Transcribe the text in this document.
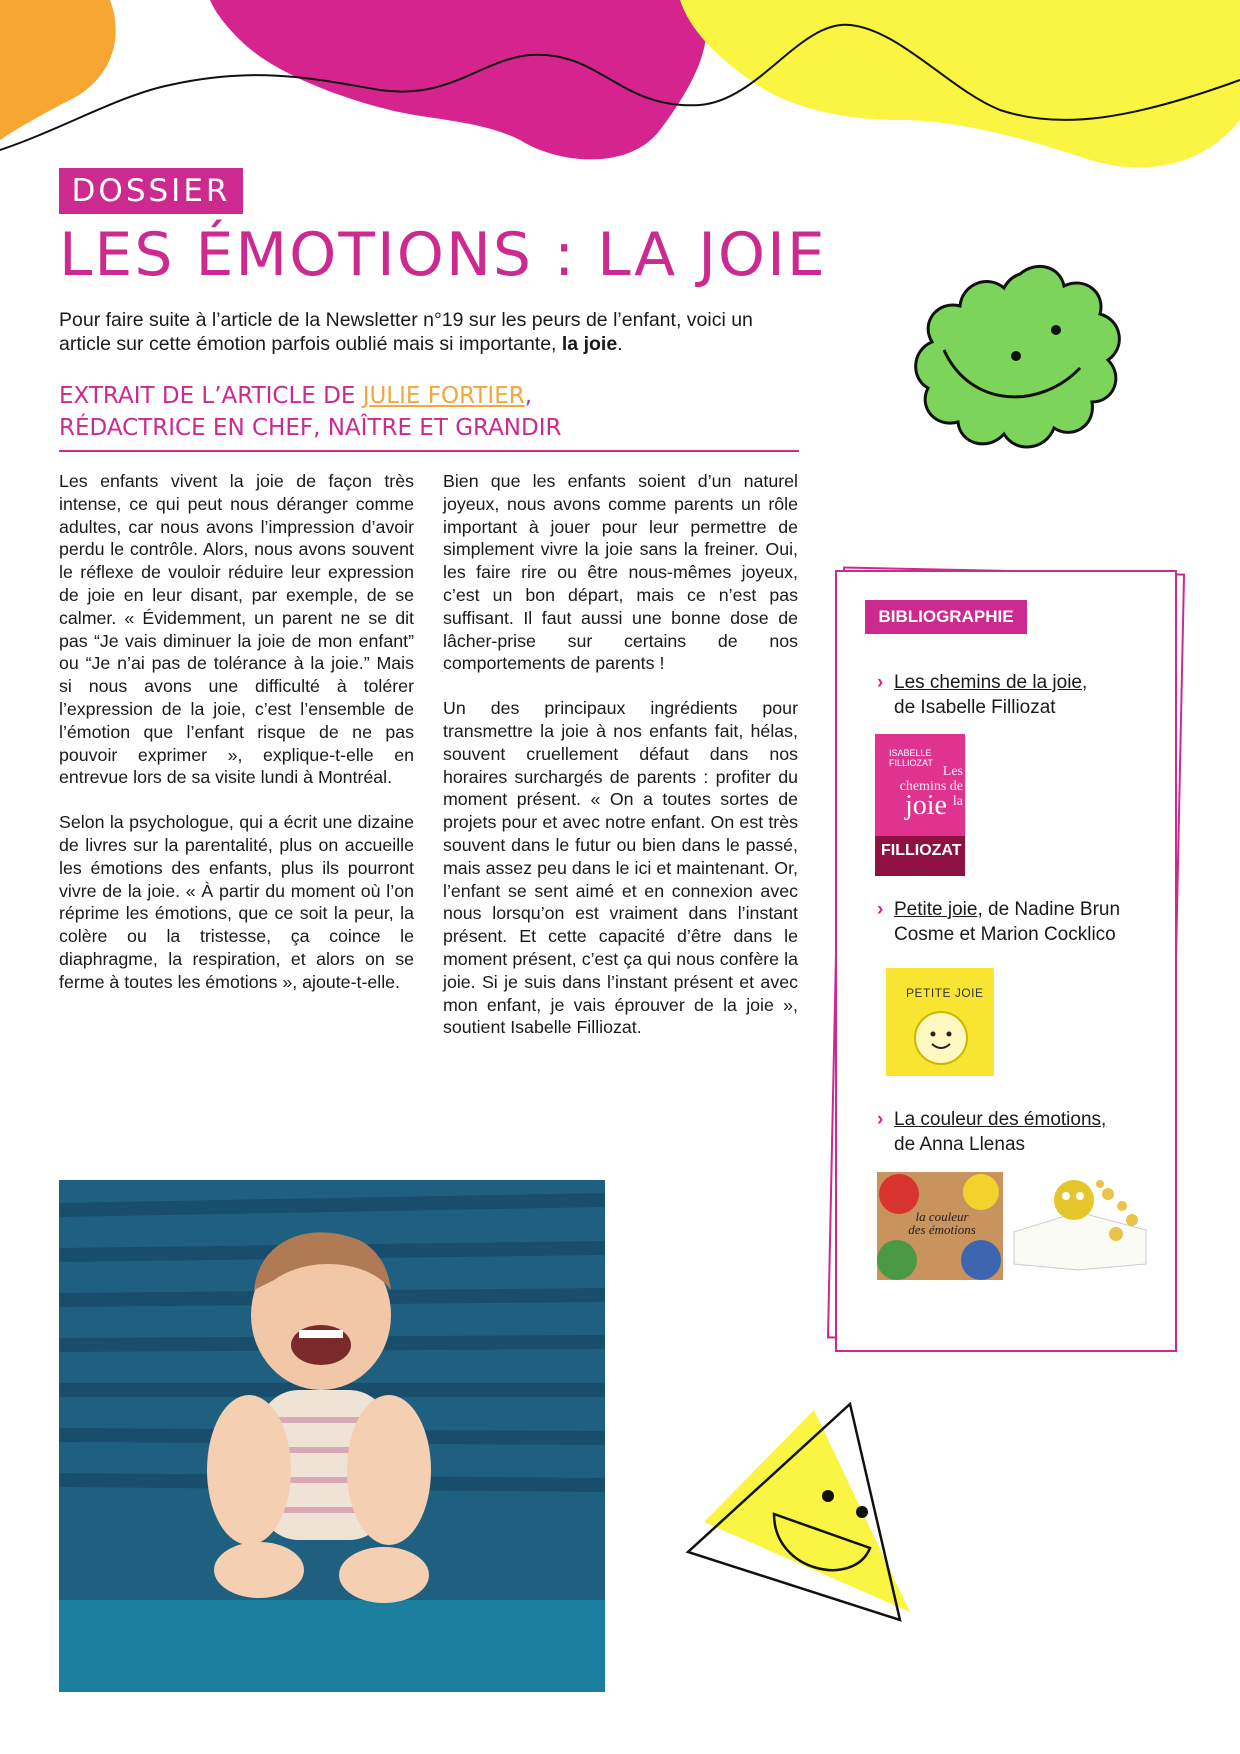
DOSSIER
LES ÉMOTIONS : LA JOIE

Pour faire suite à l’article de la Newsletter n°19 sur les peurs de l’enfant, voici un article sur cette émotion parfois oublié mais si importante, la joie.

EXTRAIT DE L’ARTICLE DE JULIE FORTIER,
RÉDACTRICE EN CHEF, NAÎTRE ET GRANDIR

Les enfants vivent la joie de façon très intense, ce qui peut nous déranger comme adultes, car nous avons l’impression d’avoir perdu le contrôle. Alors, nous avons souvent le réflexe de vouloir réduire leur expression de joie en leur disant, par exemple, de se calmer. « Évidemment, un parent ne se dit pas “Je vais diminuer la joie de mon enfant” ou “Je n’ai pas de tolérance à la joie.” Mais si nous avons une difficulté à tolérer l’expression de la joie, c’est l’ensemble de l’émotion que l’enfant risque de ne pas pouvoir exprimer », explique-t-elle en entrevue lors de sa visite lundi à Montréal.

Selon la psychologue, qui a écrit une dizaine de livres sur la parentalité, plus on accueille les émotions des enfants, plus ils pourront vivre de la joie. « À partir du moment où l’on réprime les émotions, que ce soit la peur, la colère ou la tristesse, ça coince le diaphragme, la respiration, et alors on se ferme à toutes les émotions », ajoute-t-elle.

Bien que les enfants soient d’un naturel joyeux, nous avons comme parents un rôle important à jouer pour leur permettre de simplement vivre la joie sans la freiner. Oui, les faire rire ou être nous-mêmes joyeux, c’est un bon départ, mais ce n’est pas suffisant. Il faut aussi une bonne dose de lâcher-prise sur certains de nos comportements de parents !

Un des principaux ingrédients pour transmettre la joie à nos enfants fait, hélas, souvent cruellement défaut dans nos horaires surchargés de parents : profiter du moment présent. « On a toutes sortes de projets pour et avec notre enfant. On est très souvent dans le futur ou bien dans le passé, mais assez peu dans le ici et maintenant. Or, l’enfant se sent aimé et en connexion avec nous lorsqu’on est vraiment dans l’instant présent. Et cette capacité d’être dans le moment présent, c’est ça qui nous confère la joie. Si je suis dans l’instant présent et avec mon enfant, je vais éprouver de la joie », soutient Isabelle Filliozat.

BIBLIOGRAPHIE
› Les chemins de la joie,
de Isabelle Filliozat
ISABELLE FILLIOZAT
Les chemins de la
joie
FILLIOZAT
› Petite joie, de Nadine Brun Cosme et Marion Cocklico
PETITE JOIE
› La couleur des émotions,
de Anna Llenas
la couleur des émotions
